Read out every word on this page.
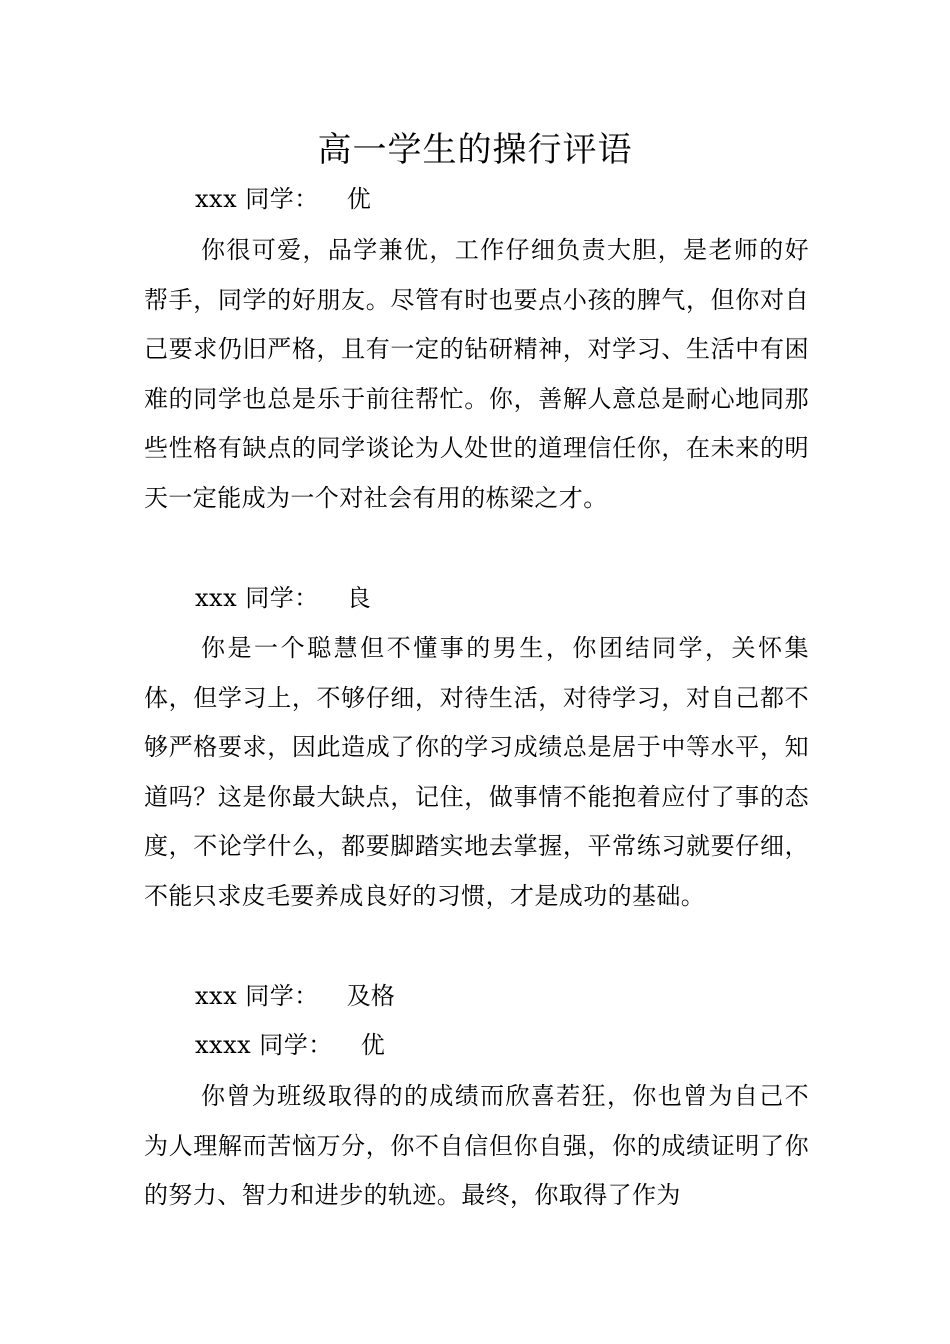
高一学生的操行评语
xxx 同学： 优

你很可爱，品学兼优，工作仔细负责大胆，是老师的好帮手，同学的好朋友。尽管有时也要点小孩的脾气，但你对自己要求仍旧严格，且有一定的钻研精神，对学习、生活中有困难的同学也总是乐于前往帮忙。你，善解人意总是耐心地同那些性格有缺点的同学谈论为人处世的道理信任你，在未来的明天一定能成为一个对社会有用的栋梁之才。

xxx 同学： 良

你是一个聪慧但不懂事的男生，你团结同学，关怀集体，但学习上，不够仔细，对待生活，对待学习，对自己都不够严格要求，因此造成了你的学习成绩总是居于中等水平，知道吗？这是你最大缺点，记住，做事情不能抱着应付了事的态度，不论学什么，都要脚踏实地去掌握，平常练习就要仔细，不能只求皮毛要养成良好的习惯，才是成功的基础。

xxx 同学： 及格
xxxx 同学： 优

你曾为班级取得的的成绩而欣喜若狂，你也曾为自己不为人理解而苦恼万分，你不自信但你自强，你的成绩证明了你的努力、智力和进步的轨迹。最终，你取得了作为
